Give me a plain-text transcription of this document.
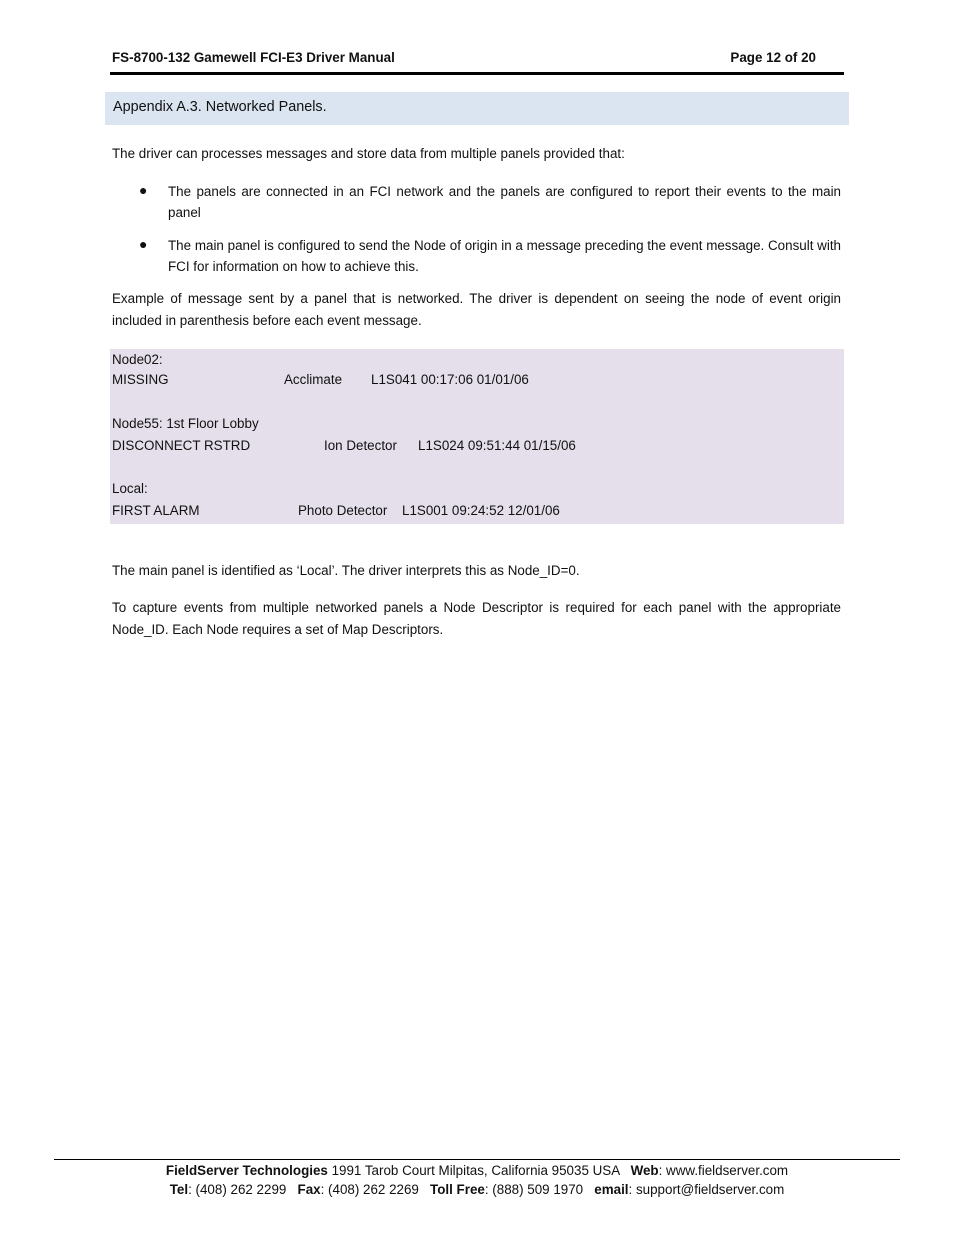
FS-8700-132 Gamewell FCI-E3 Driver Manual	Page 12 of 20
Appendix A.3. Networked Panels.
The driver can processes messages and store data from multiple panels provided that:
● The panels are connected in an FCI network and the panels are configured to report their events to the main panel
● The main panel is configured to send the Node of origin in a message preceding the event message. Consult with FCI for information on how to achieve this.
Example of message sent by a panel that is networked. The driver is dependent on seeing the node of event origin included in parenthesis before each event message.
Node02:
MISSING	Acclimate L1S041 00:17:06 01/01/06
Node55: 1st Floor Lobby
DISCONNECT RSTRD	Ion Detector L1S024 09:51:44 01/15/06
Local:
FIRST ALARM	Photo Detector L1S001 09:24:52 12/01/06
The main panel is identified as ‘Local’. The driver interprets this as Node_ID=0.
To capture events from multiple networked panels a Node Descriptor is required for each panel with the appropriate Node_ID. Each Node requires a set of Map Descriptors.
FieldServer Technologies 1991 Tarob Court Milpitas, California 95035 USA   Web: www.fieldserver.com
Tel: (408) 262 2299   Fax: (408) 262 2269   Toll Free: (888) 509 1970   email: support@fieldserver.com
